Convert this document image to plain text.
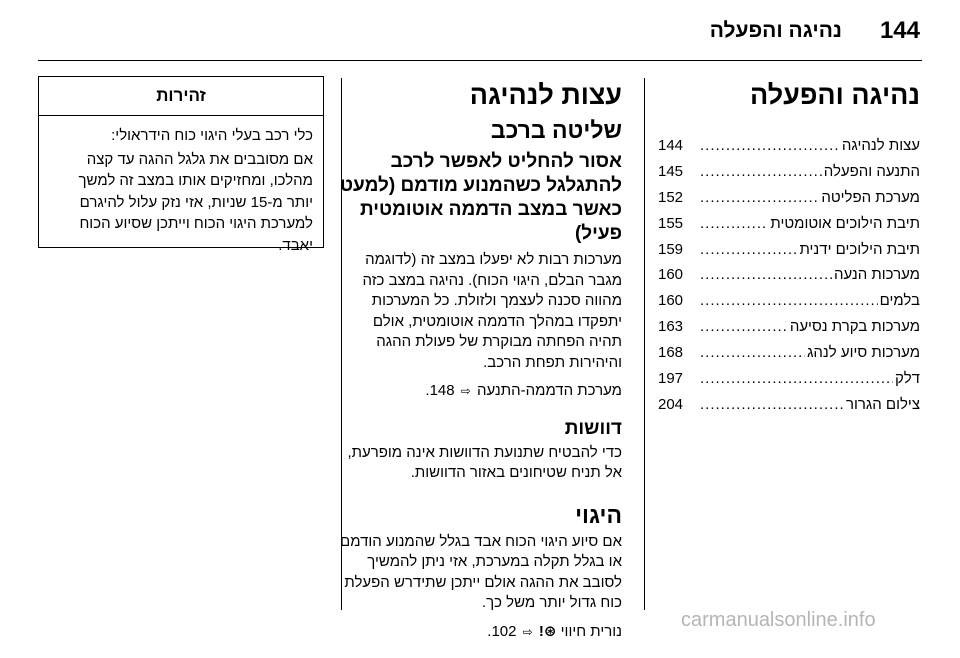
144
נהיגה והפעלה
נהיגה והפעלה
עצות לנהיגה
.....
144
התנעה והפעלה
.....
145
מערכת הפליטה
.....
152
תיבת הילוכים אוטומטית
.....
155
תיבת הילוכים ידנית
.....
159
מערכות הנעה
.....
160
בלמים
.....
160
מערכות בקרת נסיעה
.....
163
מערכות סיוע לנהג
.....
168
דלק
.....
197
צילום הגרור
.....
204
עצות לנהיגה
שליטה ברכב
אסור להחליט לאפשר לרכב להתגלגל כשהמנוע מודמם (למעט כאשר במצב הדממה אוטומטית פעיל)

מערכות רבות לא יפעלו במצב זה (לדוגמה מגבר הבלם, היגוי הכוח). נהיגה במצב כזה מהווה סכנה לעצמך ולזולת. כל המערכות יתפקדו במהלך הדממה אוטומטית, אולם תהיה הפחתה מבוקרת של פעולת ההגה והיהירות תפחת הרכב.

מערכת הדממה-התנעה ⇨ 148.

דוושות

כדי להבטיח שתנועת הדוושות אינה מופרעת, אל תניח שטיחונים באזור הדוושות.

היגוי

אם סיוע היגוי הכוח אבד בגלל שהמנוע הודמם או בגלל תקלה במערכת, אזי ניתן להמשיך לסובב את ההגה אולם ייתכן שתידרש הפעלת כוח גדול יותר משל כך.

נורית חיווי ⊛! ⇨ 102.

זהירות

כלי רכב בעלי היגוי כוח הידראולי:

אם מסובבים את גלגל ההגה עד קצה מהלכו, ומחזיקים אותו במצב זה למשך יותר מ-15 שניות, אזי נזק עלול להיגרם למערכת היגוי הכוח וייתכן שסיוע הכוח יאבד.

carmanualsonline.info
